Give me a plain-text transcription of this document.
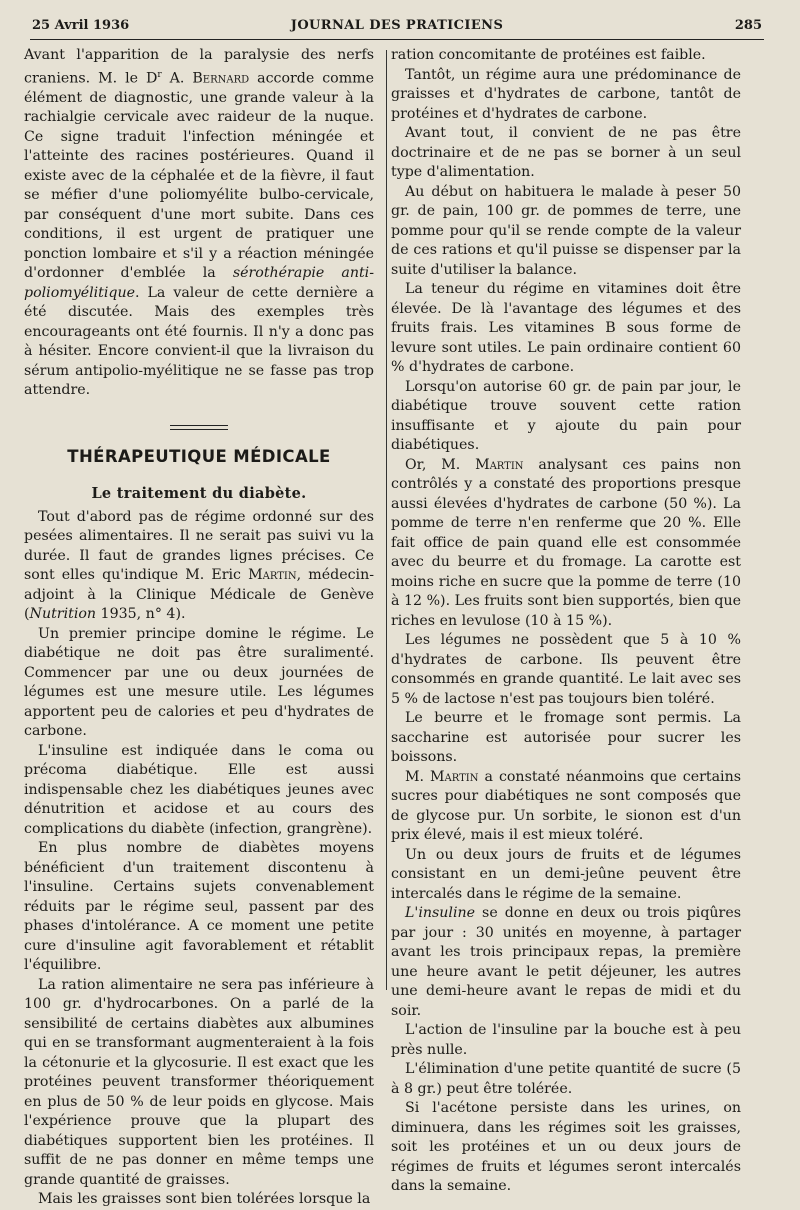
25 Avril 1936	JOURNAL DES PRATICIENS	285

Avant l'apparition de la paralysie des nerfs craniens. M. le $D^r$ A. Bernard accorde comme élément de diagnostic, une grande valeur à la rachialgie cervicale avec raideur de la nuque. Ce signe traduit l'infection méningée et l'atteinte des racines postérieures. Quand il existe avec de la céphalée et de la fièvre, il faut se méfier d'une poliomyélite bulbo-cervicale, par conséquent d'une mort subite. Dans ces conditions, il est urgent de pratiquer une ponction lombaire et s'il y a réaction méningée d'ordonner d'emblée la sérothérapie anti-poliomyélitique. La valeur de cette dernière a été discutée. Mais des exemples très encourageants ont été fournis. Il n'y a donc pas à hésiter. Encore convient-il que la livraison du sérum antipolio-myélitique ne se fasse pas trop attendre.

THÉRAPEUTIQUE MÉDICALE
Le traitement du diabète.

Tout d'abord pas de régime ordonné sur des pesées alimentaires. Il ne serait pas suivi vu la durée. Il faut de grandes lignes précises. Ce sont elles qu'indique M. Eric Martin, médecin-adjoint à la Clinique Médicale de Genève (Nutrition 1935, n° 4).

Un premier principe domine le régime. Le diabétique ne doit pas être suralimenté. Commencer par une ou deux journées de légumes est une mesure utile. Les légumes apportent peu de calories et peu d'hydrates de carbone.

L'insuline est indiquée dans le coma ou précoma diabétique. Elle est aussi indispensable chez les diabétiques jeunes avec dénutrition et acidose et au cours des complications du diabète (infection, grangrène).

En plus nombre de diabètes moyens bénéficient d'un traitement discontenu à l'insuline. Certains sujets convenablement réduits par le régime seul, passent par des phases d'intolérance. A ce moment une petite cure d'insuline agit favorablement et rétablit l'équilibre.

La ration alimentaire ne sera pas inférieure à 100 gr. d'hydrocarbones. On a parlé de la sensibilité de certains diabètes aux albumines qui en se transformant augmenteraient à la fois la cétonurie et la glycosurie. Il est exact que les protéines peuvent transformer théoriquement en plus de 50 % de leur poids en glycose. Mais l'expérience prouve que la plupart des diabétiques supportent bien les protéines. Il suffit de ne pas donner en même temps une grande quantité de graisses.

Mais les graisses sont bien tolérées lorsque la

ration concomitante de protéines est faible.

Tantôt, un régime aura une prédominance de graisses et d'hydrates de carbone, tantôt de protéines et d'hydrates de carbone.

Avant tout, il convient de ne pas être doctrinaire et de ne pas se borner à un seul type d'alimentation.

Au début on habituera le malade à peser 50 gr. de pain, 100 gr. de pommes de terre, une pomme pour qu'il se rende compte de la valeur de ces rations et qu'il puisse se dispenser par la suite d'utiliser la balance.

La teneur du régime en vitamines doit être élevée. De là l'avantage des légumes et des fruits frais. Les vitamines B sous forme de levure sont utiles. Le pain ordinaire contient 60 % d'hydrates de carbone.

Lorsqu'on autorise 60 gr. de pain par jour, le diabétique trouve souvent cette ration insuffisante et y ajoute du pain pour diabétiques.

Or, M. Martin analysant ces pains non contrôlés y a constaté des proportions presque aussi élevées d'hydrates de carbone (50 %). La pomme de terre n'en renferme que 20 %. Elle fait office de pain quand elle est consommée avec du beurre et du fromage. La carotte est moins riche en sucre que la pomme de terre (10 à 12 %). Les fruits sont bien supportés, bien que riches en levulose (10 à 15 %).

Les légumes ne possèdent que 5 à 10 % d'hydrates de carbone. Ils peuvent être consommés en grande quantité. Le lait avec ses 5 % de lactose n'est pas toujours bien toléré.

Le beurre et le fromage sont permis. La saccharine est autorisée pour sucrer les boissons.

M. Martin a constaté néanmoins que certains sucres pour diabétiques ne sont composés que de glycose pur. Un sorbite, le sionon est d'un prix élevé, mais il est mieux toléré.

Un ou deux jours de fruits et de légumes consistant en un demi-jeûne peuvent être intercalés dans le régime de la semaine.

L'insuline se donne en deux ou trois piqûres par jour : 30 unités en moyenne, à partager avant les trois principaux repas, la première une heure avant le petit déjeuner, les autres une demi-heure avant le repas de midi et du soir.

L'action de l'insuline par la bouche est à peu près nulle.

L'élimination d'une petite quantité de sucre (5 à 8 gr.) peut être tolérée.

Si l'acétone persiste dans les urines, on diminuera, dans les régimes soit les graisses, soit les protéines et un ou deux jours de régimes de fruits et légumes seront intercalés dans la semaine.
